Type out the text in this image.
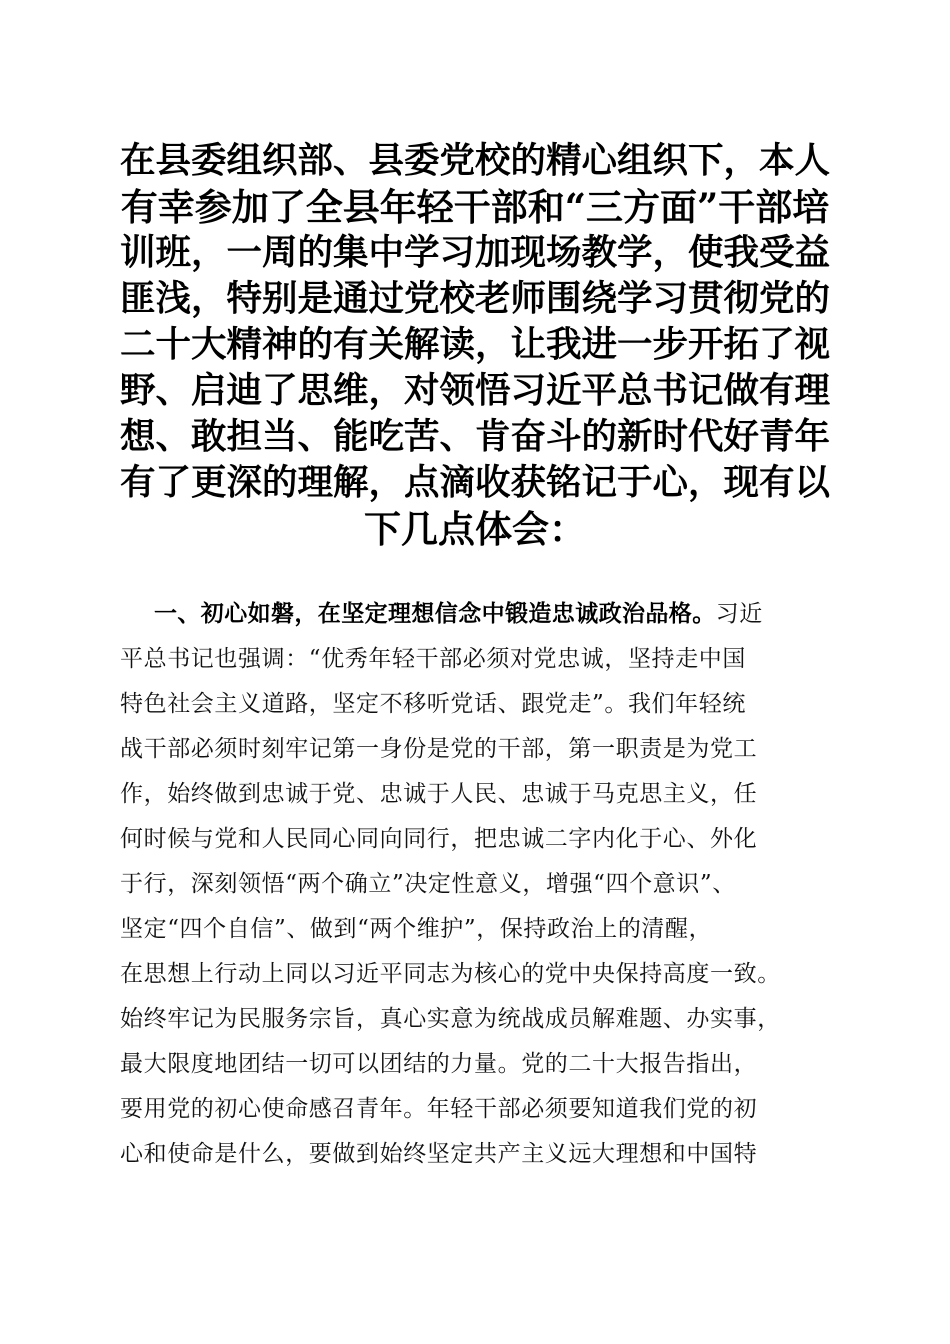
在县委组织部、县委党校的精心组织下，本人
有幸参加了全县年轻干部和“三方面”干部培
训班，一周的集中学习加现场教学，使我受益
匪浅，特别是通过党校老师围绕学习贯彻党的
二十大精神的有关解读，让我进一步开拓了视
野、启迪了思维，对领悟习近平总书记做有理
想、敢担当、能吃苦、肯奋斗的新时代好青年
有了更深的理解，点滴收获铭记于心，现有以
下几点体会：
一、初心如磐，在坚定理想信念中锻造忠诚政治品格。习近
平总书记也强调：“优秀年轻干部必须对党忠诚，坚持走中国
特色社会主义道路，坚定不移听党话、跟党走”。我们年轻统
战干部必须时刻牢记第一身份是党的干部，第一职责是为党工
作，始终做到忠诚于党、忠诚于人民、忠诚于马克思主义，任
何时候与党和人民同心同向同行，把忠诚二字内化于心、外化
于行，深刻领悟“两个确立”决定性意义，增强“四个意识”、
坚定“四个自信”、做到“两个维护”，保持政治上的清醒，
在思想上行动上同以习近平同志为核心的党中央保持高度一致。
始终牢记为民服务宗旨，真心实意为统战成员解难题、办实事，
最大限度地团结一切可以团结的力量。党的二十大报告指出，
要用党的初心使命感召青年。年轻干部必须要知道我们党的初
心和使命是什么，要做到始终坚定共产主义远大理想和中国特
